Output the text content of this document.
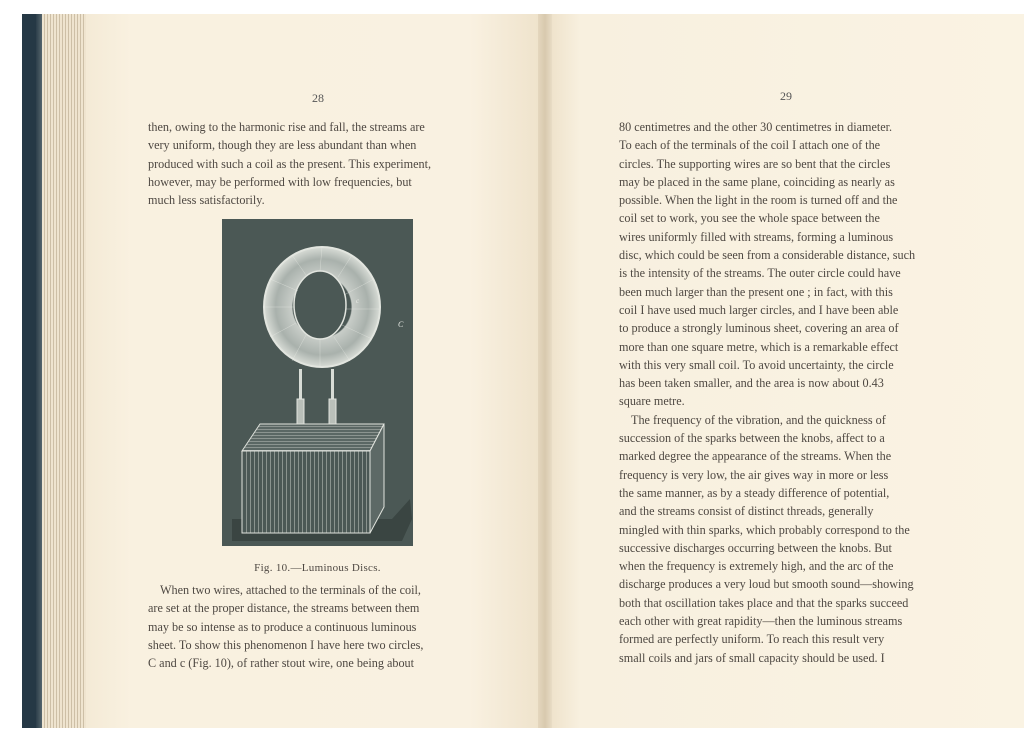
28

then, owing to the harmonic rise and fall, the streams are

very uniform, though they are less abundant than when

produced with such a coil as the present. This experiment,

however, may be performed with low frequencies, but

much less satisfactorily.

When two wires, attached to the terminals of the coil,

are set at the proper distance, the streams between them

may be so intense as to produce a continuous luminous

sheet. To show this phenomenon I have here two circles,

C and c (Fig. 10), of rather stout wire, one being about

29

80 centimetres and the other 30 centimetres in diameter.

To each of the terminals of the coil I attach one of the

circles. The supporting wires are so bent that the circles

may be placed in the same plane, coinciding as nearly as

possible. When the light in the room is turned off and the

coil set to work, you see the whole space between the

wires uniformly filled with streams, forming a luminous

disc, which could be seen from a considerable distance, such

is the intensity of the streams. The outer circle could have

been much larger than the present one ; in fact, with this

coil I have used much larger circles, and I have been able

to produce a strongly luminous sheet, covering an area of

more than one square metre, which is a remarkable effect

with this very small coil. To avoid uncertainty, the circle

has been taken smaller, and the area is now about 0.43

square metre.

The frequency of the vibration, and the quickness of

succession of the sparks between the knobs, affect to a

marked degree the appearance of the streams. When the

frequency is very low, the air gives way in more or less

the same manner, as by a steady difference of potential,

and the streams consist of distinct threads, generally

mingled with thin sparks, which probably correspond to the

successive discharges occurring between the knobs. But

when the frequency is extremely high, and the arc of the

discharge produces a very loud but smooth sound—showing

both that oscillation takes place and that the sparks succeed

each other with great rapidity—then the luminous streams

formed are perfectly uniform. To reach this result very

small coils and jars of small capacity should be used. I

c
C
Fig. 10.—Luminous Discs.
